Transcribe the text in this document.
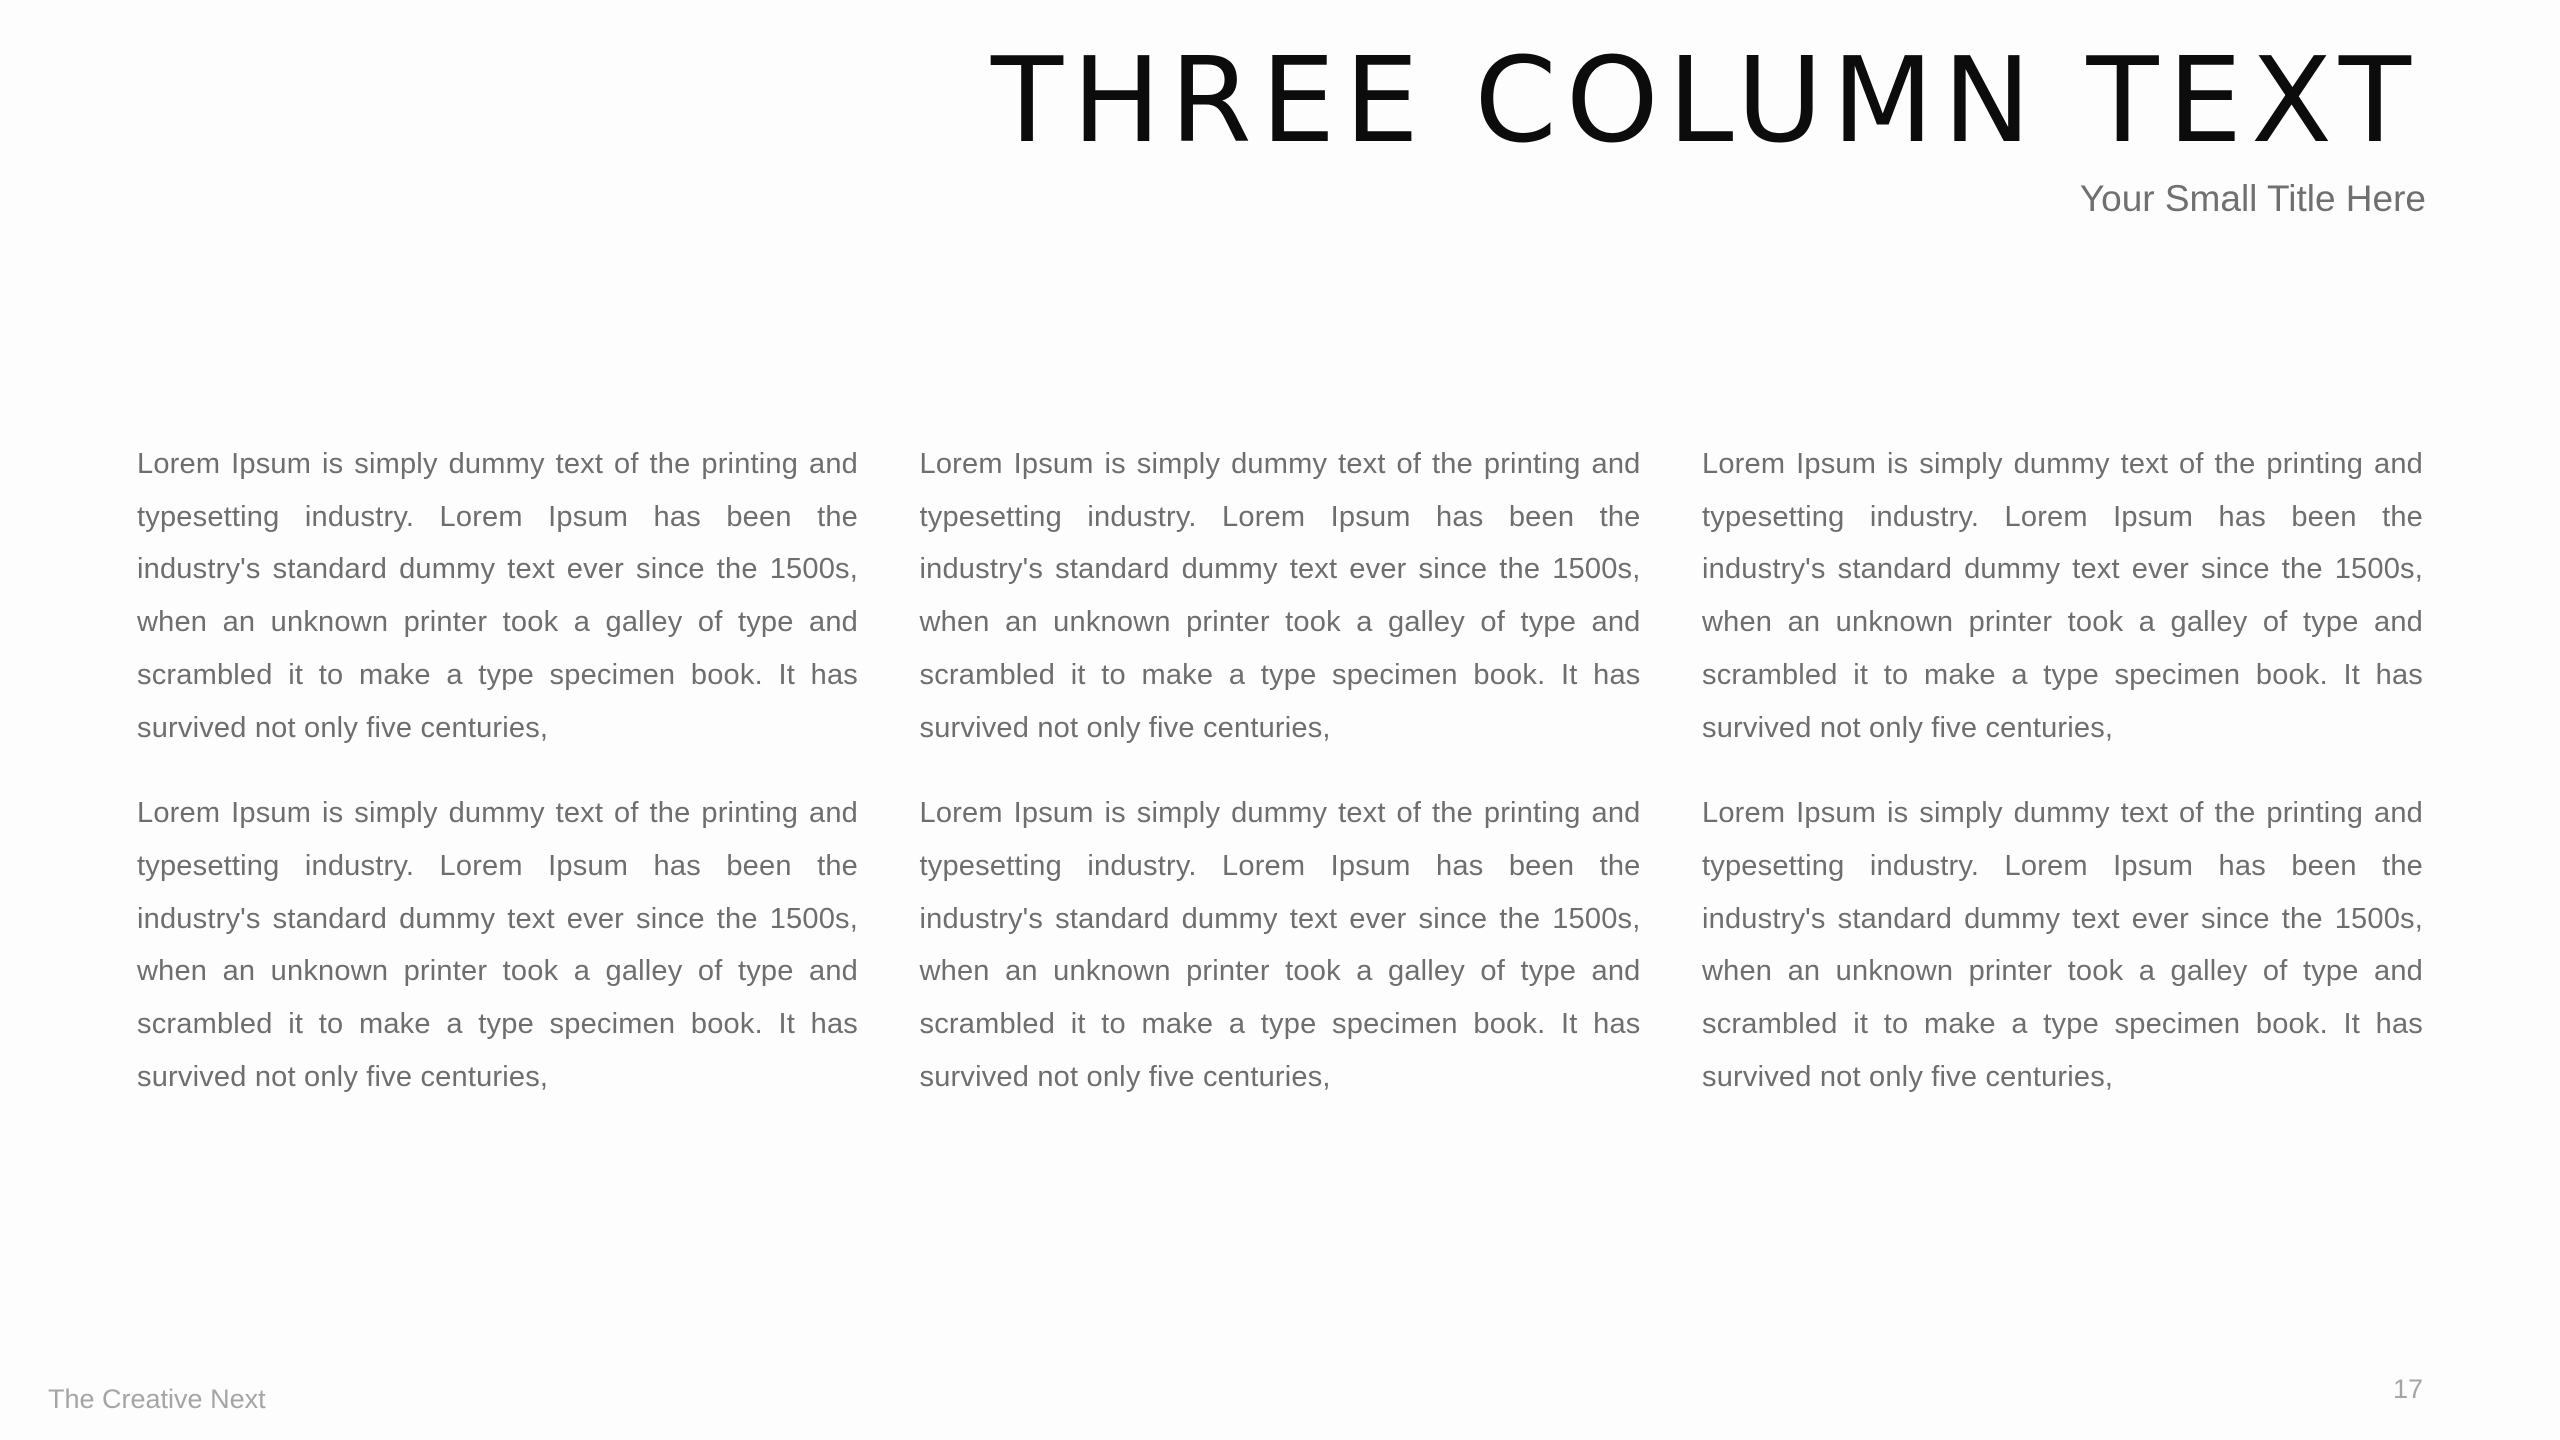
THREE COLUMN TEXT
Your Small Title Here

Lorem Ipsum is simply dummy text of the printing and typesetting industry. Lorem Ipsum has been the industry's standard dummy text ever since the 1500s, when an unknown printer took a galley of type and scrambled it to make a type specimen book. It has survived not only five centuries,

Lorem Ipsum is simply dummy text of the printing and typesetting industry. Lorem Ipsum has been the industry's standard dummy text ever since the 1500s, when an unknown printer took a galley of type and scrambled it to make a type specimen book. It has survived not only five centuries,

Lorem Ipsum is simply dummy text of the printing and typesetting industry. Lorem Ipsum has been the industry's standard dummy text ever since the 1500s, when an unknown printer took a galley of type and scrambled it to make a type specimen book. It has survived not only five centuries,

Lorem Ipsum is simply dummy text of the printing and typesetting industry. Lorem Ipsum has been the industry's standard dummy text ever since the 1500s, when an unknown printer took a galley of type and scrambled it to make a type specimen book. It has survived not only five centuries,

Lorem Ipsum is simply dummy text of the printing and typesetting industry. Lorem Ipsum has been the industry's standard dummy text ever since the 1500s, when an unknown printer took a galley of type and scrambled it to make a type specimen book. It has survived not only five centuries,

Lorem Ipsum is simply dummy text of the printing and typesetting industry. Lorem Ipsum has been the industry's standard dummy text ever since the 1500s, when an unknown printer took a galley of type and scrambled it to make a type specimen book. It has survived not only five centuries,

The Creative Next	17
